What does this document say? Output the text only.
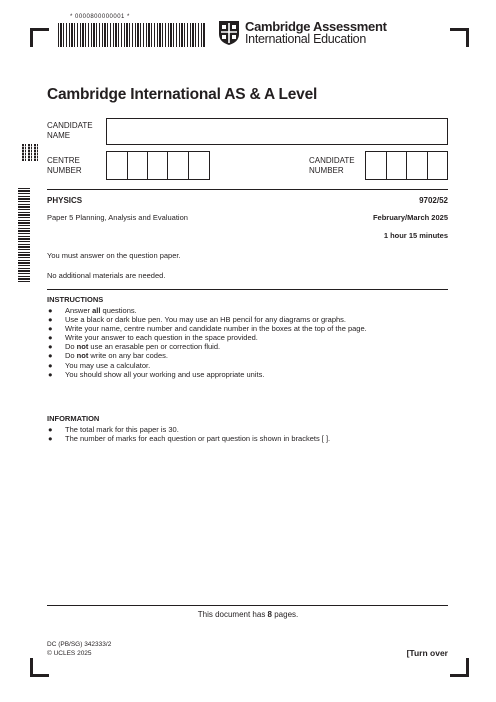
* 0000800000001 *
Cambridge Assessment
International Education
Cambridge International AS & A Level
CANDIDATE
NAME
CENTRE
NUMBER
CANDIDATE
NUMBER
PHYSICS	9702/52
Paper 5 Planning, Analysis and Evaluation	February/March 2025
1 hour 15 minutes
You must answer on the question paper.
No additional materials are needed.
INSTRUCTIONS
● Answer all questions.
● Use a black or dark blue pen. You may use an HB pencil for any diagrams or graphs.
● Write your name, centre number and candidate number in the boxes at the top of the page.
● Write your answer to each question in the space provided.
● Do not use an erasable pen or correction fluid.
● Do not write on any bar codes.
● You may use a calculator.
● You should show all your working and use appropriate units.
INFORMATION
● The total mark for this paper is 30.
● The number of marks for each question or part question is shown in brackets [ ].
This document has 8 pages.
DC (PB/SG) 342333/2
© UCLES 2025	[Turn over
